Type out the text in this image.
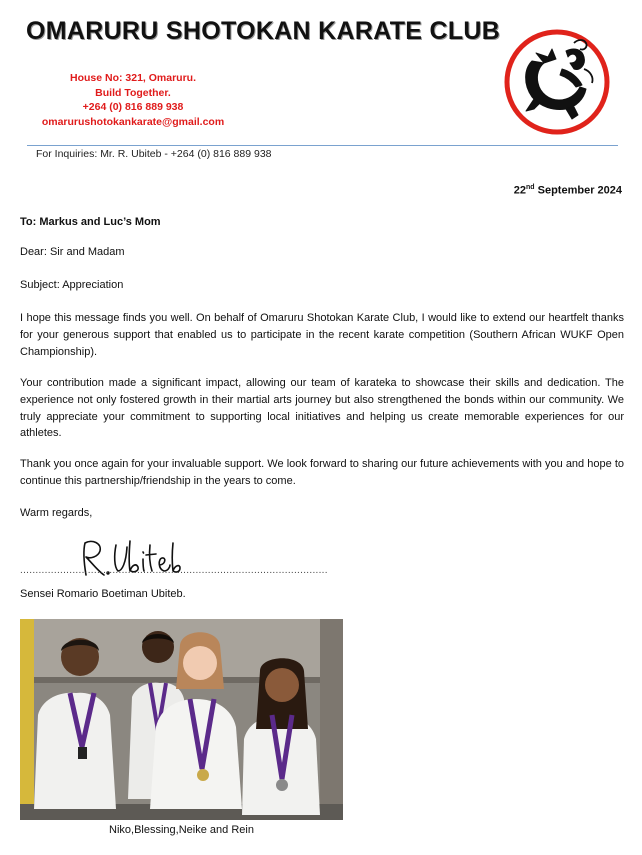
OMARURU SHOTOKAN KARATE CLUB
House No: 321, Omaruru.
Build Together.
+264 (0) 816 889 938
omarurushotokankarate@gmail.com
For Inquiries: Mr. R. Ubiteb - +264 (0) 816 889 938
22nd September 2024
To: Markus and Luc’s Mom
Dear: Sir and Madam
Subject: Appreciation

I hope this message finds you well. On behalf of Omaruru Shotokan Karate Club, I would like to extend our heartfelt thanks for your generous support that enabled us to participate in the recent karate competition (Southern African WUKF Open Championship).

Your contribution made a significant impact, allowing our team of karateka to showcase their skills and dedication. The experience not only fostered growth in their martial arts journey but also strengthened the bonds within our community. We truly appreciate your commitment to supporting local initiatives and helping us create memorable experiences for our athletes.

Thank you once again for your invaluable support. We look forward to sharing our future achievements with you and hope to continue this partnership/friendship in the years to come.

Warm regards,
....................................................................................................
Sensei Romario Boetiman Ubiteb.
Niko,Blessing,Neike and Rein
